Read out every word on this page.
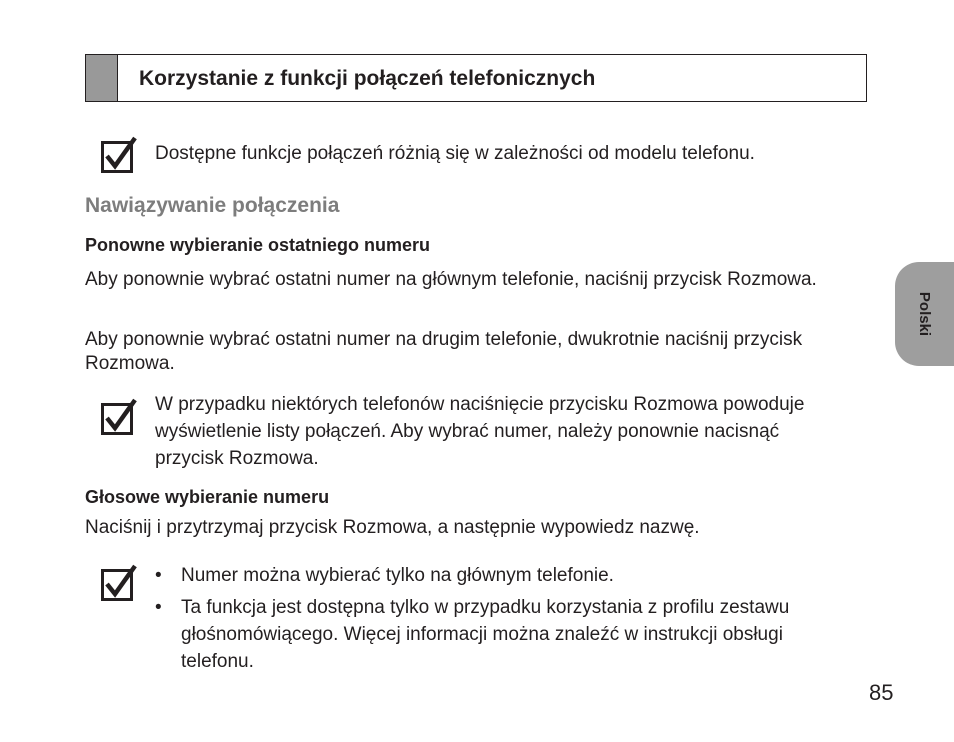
Korzystanie z funkcji połączeń telefonicznych
Dostępne funkcje połączeń różnią się w zależności od modelu telefonu.
Nawiązywanie połączenia
Ponowne wybieranie ostatniego numeru
Aby ponownie wybrać ostatni numer na głównym telefonie, naciśnij przycisk Rozmowa.
Aby ponownie wybrać ostatni numer na drugim telefonie, dwukrotnie naciśnij przycisk Rozmowa.
W przypadku niektórych telefonów naciśnięcie przycisku Rozmowa powoduje wyświetlenie listy połączeń. Aby wybrać numer, należy ponownie nacisnąć przycisk Rozmowa.
Głosowe wybieranie numeru
Naciśnij i przytrzymaj przycisk Rozmowa, a następnie wypowiedz nazwę.
• Numer można wybierać tylko na głównym telefonie.
• Ta funkcja jest dostępna tylko w przypadku korzystania z profilu zestawu głośnomówiącego. Więcej informacji można znaleźć w instrukcji obsługi telefonu.
Polski
85
